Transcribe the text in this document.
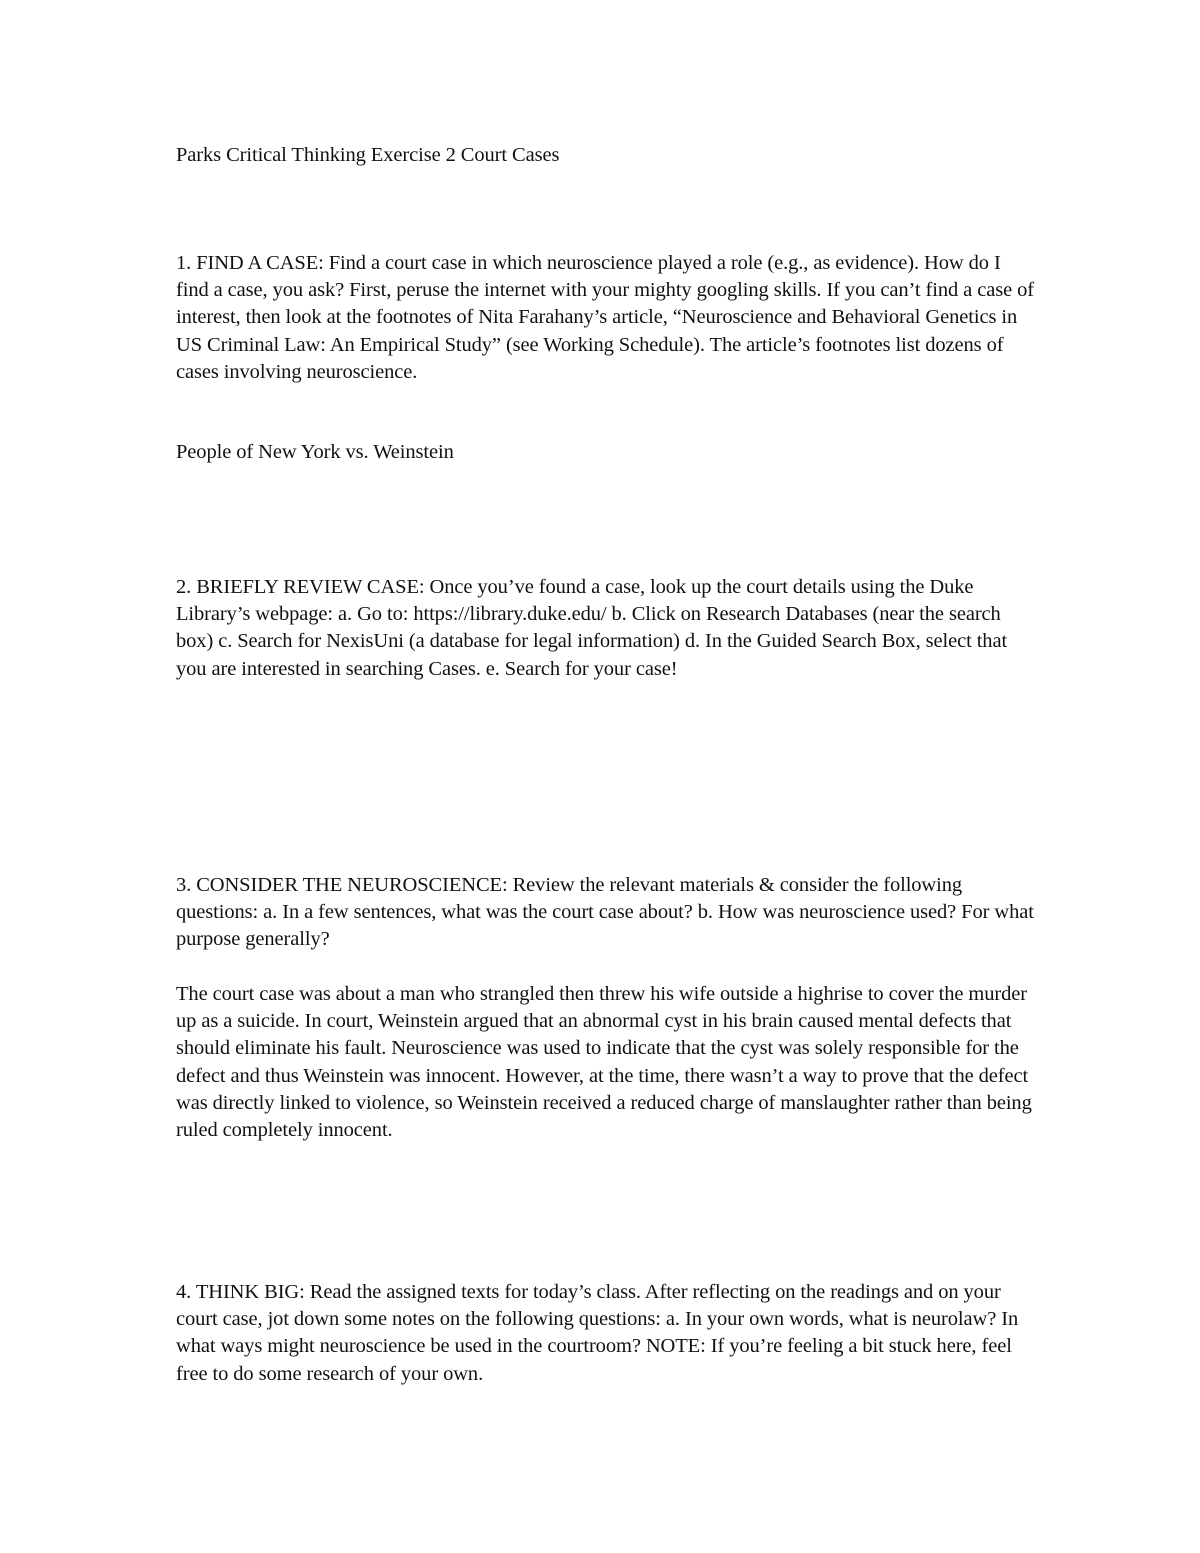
Parks Critical Thinking Exercise 2 Court Cases

1. FIND A CASE: Find a court case in which neuroscience played a role (e.g., as evidence). How do I find a case, you ask? First, peruse the internet with your mighty googling skills. If you can’t find a case of interest, then look at the footnotes of Nita Farahany’s article, “Neuroscience and Behavioral Genetics in US Criminal Law: An Empirical Study” (see Working Schedule). The article’s footnotes list dozens of cases involving neuroscience.

People of New York vs. Weinstein

2. BRIEFLY REVIEW CASE: Once you’ve found a case, look up the court details using the Duke Library’s webpage: a. Go to: https://library.duke.edu/ b. Click on Research Databases (near the search box) c. Search for NexisUni (a database for legal information) d. In the Guided Search Box, select that you are interested in searching Cases. e. Search for your case!

3. CONSIDER THE NEUROSCIENCE: Review the relevant materials & consider the following questions: a. In a few sentences, what was the court case about? b. How was neuroscience used? For what purpose generally?

The court case was about a man who strangled then threw his wife outside a highrise to cover the murder up as a suicide. In court, Weinstein argued that an abnormal cyst in his brain caused mental defects that should eliminate his fault. Neuroscience was used to indicate that the cyst was solely responsible for the defect and thus Weinstein was innocent. However, at the time, there wasn’t a way to prove that the defect was directly linked to violence, so Weinstein received a reduced charge of manslaughter rather than being ruled completely innocent.

4. THINK BIG: Read the assigned texts for today’s class. After reflecting on the readings and on your court case, jot down some notes on the following questions: a. In your own words, what is neurolaw? In what ways might neuroscience be used in the courtroom? NOTE: If you’re feeling a bit stuck here, feel free to do some research of your own.
